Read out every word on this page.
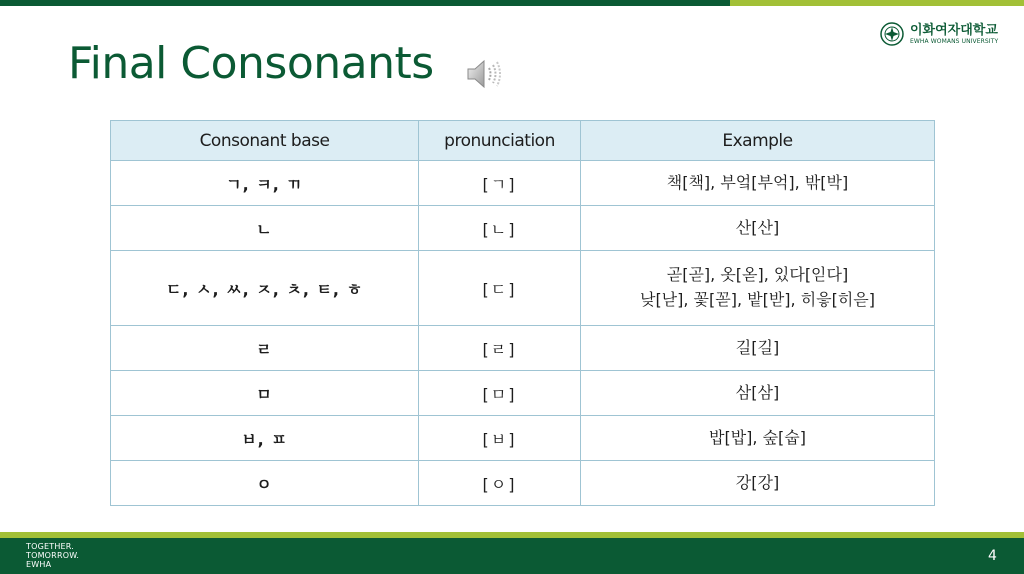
이화여자대학교
EWHA WOMANS UNIVERSITY
Final Consonants
Consonant base	pronunciation	Example
ㄱ, ㅋ, ㄲ	[ㄱ]	책[책], 부엌[부억], 밖[박]
ㄴ	[ㄴ]	산[산]
ㄷ, ㅅ, ㅆ, ㅈ, ㅊ, ㅌ, ㅎ	[ㄷ]	곧[곧], 옷[옫], 있다[읻다]
낮[낟], 꽃[꼳], 밭[받], 히읗[히읃]

ㄹ	[ㄹ]	길[길]
ㅁ	[ㅁ]	삼[삼]
ㅂ, ㅍ	[ㅂ]	밥[밥], 숲[숩]
ㅇ	[ㅇ]	강[강]
TOGETHER.
TOMORROW.
EWHA
4
